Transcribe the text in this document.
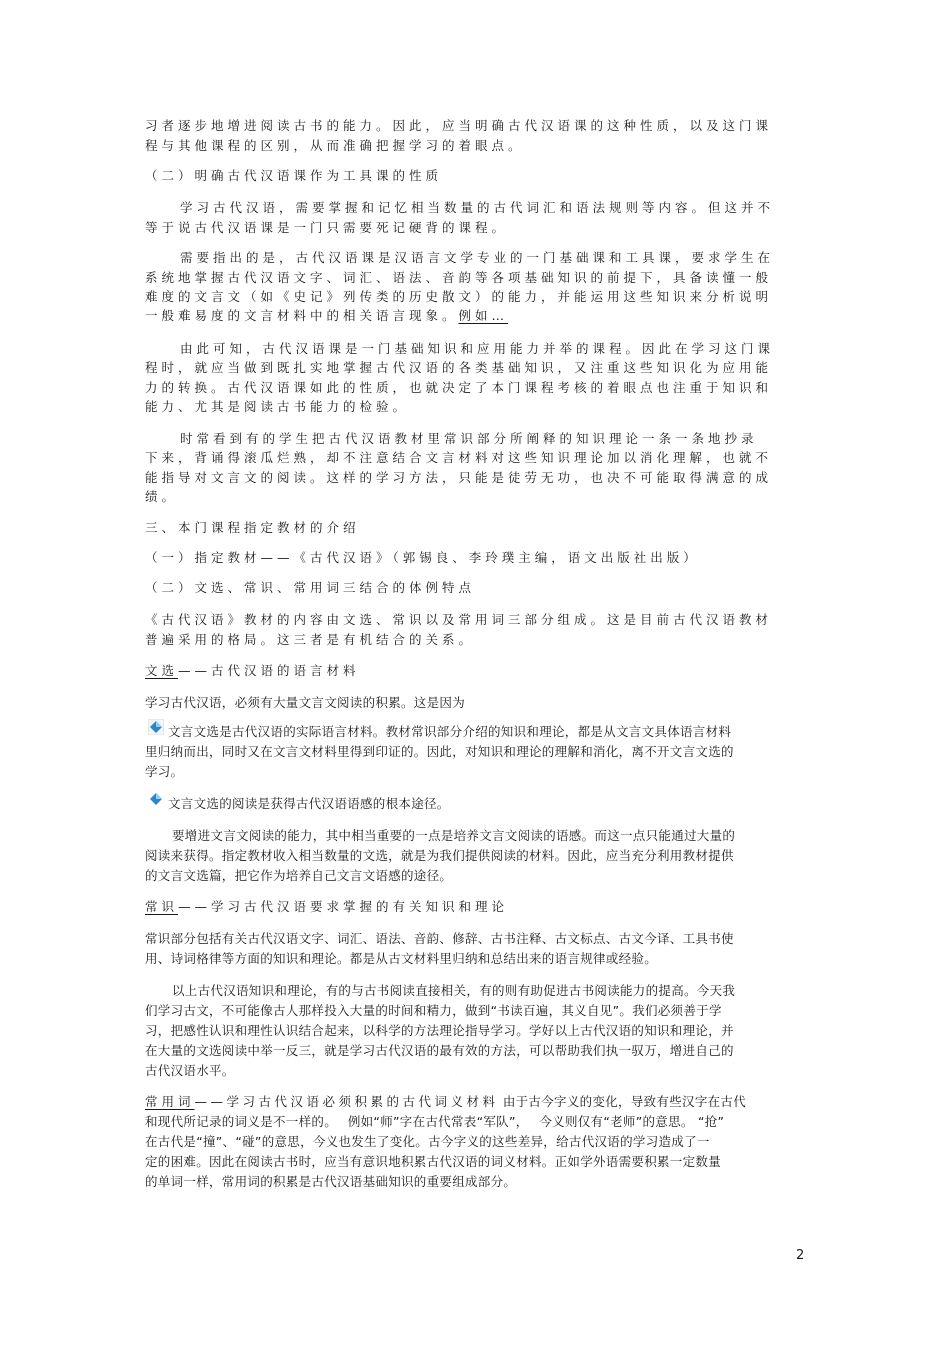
习者逐步地增进阅读古书的能力。因此，应当明确古代汉语课的这种性质，以及这门课
程与其他课程的区别，从而准确把握学习的着眼点。
（二）明确古代汉语课作为工具课的性质
学习古代汉语，需要掌握和记忆相当数量的古代词汇和语法规则等内容。但这并不
等于说古代汉语课是一门只需要死记硬背的课程。
需要指出的是，古代汉语课是汉语言文学专业的一门基础课和工具课，要求学生在
系统地掌握古代汉语文字、词汇、语法、音韵等各项基础知识的前提下，具备读懂一般
难度的文言文（如《史记》列传类的历史散文）的能力，并能运用这些知识来分析说明
一般难易度的文言材料中的相关语言现象。例如…
由此可知，古代汉语课是一门基础知识和应用能力并举的课程。因此在学习这门课
程时，就应当做到既扎实地掌握古代汉语的各类基础知识，又注重这些知识化为应用能
力的转换。古代汉语课如此的性质，也就决定了本门课程考核的着眼点也注重于知识和
能力、尤其是阅读古书能力的检验。
时常看到有的学生把古代汉语教材里常识部分所阐释的知识理论一条一条地抄录
下来，背诵得滚瓜烂熟，却不注意结合文言材料对这些知识理论加以消化理解，也就不
能指导对文言文的阅读。这样的学习方法，只能是徒劳无功，也决不可能取得满意的成
绩。
三、本门课程指定教材的介绍
（一）指定教材——《古代汉语》（郭锡良、李玲璞主编，语文出版社出版）
（二）文选、常识、常用词三结合的体例特点
《古代汉语》教材的内容由文选、常识以及常用词三部分组成。这是目前古代汉语教材
普遍采用的格局。这三者是有机结合的关系。
文选——古代汉语的语言材料
学习古代汉语，必须有大量文言文阅读的积累。这是因为
文言文选是古代汉语的实际语言材料。教材常识部分介绍的知识和理论，都是从文言文具体语言材料
里归纳而出，同时又在文言文材料里得到印证的。因此，对知识和理论的理解和消化，离不开文言文选的
学习。
文言文选的阅读是获得古代汉语语感的根本途径。
要增进文言文阅读的能力，其中相当重要的一点是培养文言文阅读的语感。而这一点只能通过大量的
阅读来获得。指定教材收入相当数量的文选，就是为我们提供阅读的材料。因此，应当充分利用教材提供
的文言文选篇，把它作为培养自己文言文语感的途径。
常识——学习古代汉语要求掌握的有关知识和理论
常识部分包括有关古代汉语文字、词汇、语法、音韵、修辞、古书注释、古文标点、古文今译、工具书使
用、诗词格律等方面的知识和理论。都是从古文材料里归纳和总结出来的语言规律或经验。
以上古代汉语知识和理论，有的与古书阅读直接相关，有的则有助促进古书阅读能力的提高。今天我
们学习古文，不可能像古人那样投入大量的时间和精力，做到“书读百遍，其义自见”。我们必须善于学
习，把感性认识和理性认识结合起来，以科学的方法理论指导学习。学好以上古代汉语的知识和理论，并
在大量的文选阅读中举一反三，就是学习古代汉语的最有效的方法，可以帮助我们执一驭万，增进自己的
古代汉语水平。
常用词——学习古代汉语必须积累的古代词义材料 由于古今字义的变化，导致有些汉字在古代
和现代所记录的词义是不一样的。　 例如“师”字在古代常表“军队”，　 今义则仅有“老师”的意思。 “抢”
在古代是“撞”、“碰”的意思，今义也发生了变化。古今字义的这些差异，给古代汉语的学习造成了一
定的困难。因此在阅读古书时，应当有意识地积累古代汉语的词义材料。正如学外语需要积累一定数量
的单词一样，常用词的积累是古代汉语基础知识的重要组成部分。
2
